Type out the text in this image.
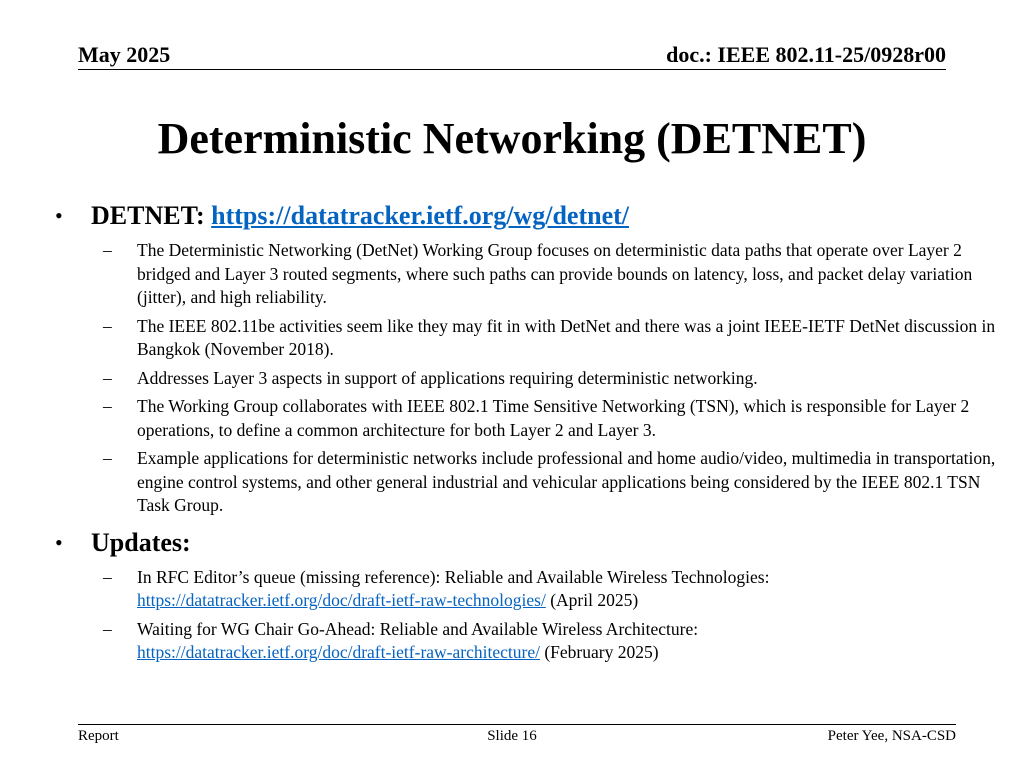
May 2025	doc.: IEEE 802.11-25/0928r00
Deterministic Networking (DETNET)
• DETNET: https://datatracker.ietf.org/wg/detnet/
– The Deterministic Networking (DetNet) Working Group focuses on deterministic data paths that operate over Layer 2 bridged and Layer 3 routed segments, where such paths can provide bounds on latency, loss, and packet delay variation (jitter), and high reliability.
– The IEEE 802.11be activities seem like they may fit in with DetNet and there was a joint IEEE-IETF DetNet discussion in Bangkok (November 2018).
– Addresses Layer 3 aspects in support of applications requiring deterministic networking.
– The Working Group collaborates with IEEE 802.1 Time Sensitive Networking (TSN), which is responsible for Layer 2 operations, to define a common architecture for both Layer 2 and Layer 3.
– Example applications for deterministic networks include professional and home audio/video, multimedia in transportation, engine control systems, and other general industrial and vehicular applications being considered by the IEEE 802.1 TSN Task Group.
• Updates:
– In RFC Editor’s queue (missing reference): Reliable and Available Wireless Technologies:
https://datatracker.ietf.org/doc/draft-ietf-raw-technologies/ (April 2025)
– Waiting for WG Chair Go-Ahead: Reliable and Available Wireless Architecture:
https://datatracker.ietf.org/doc/draft-ietf-raw-architecture/ (February 2025)
Report	Slide 16	Peter Yee, NSA-CSD
